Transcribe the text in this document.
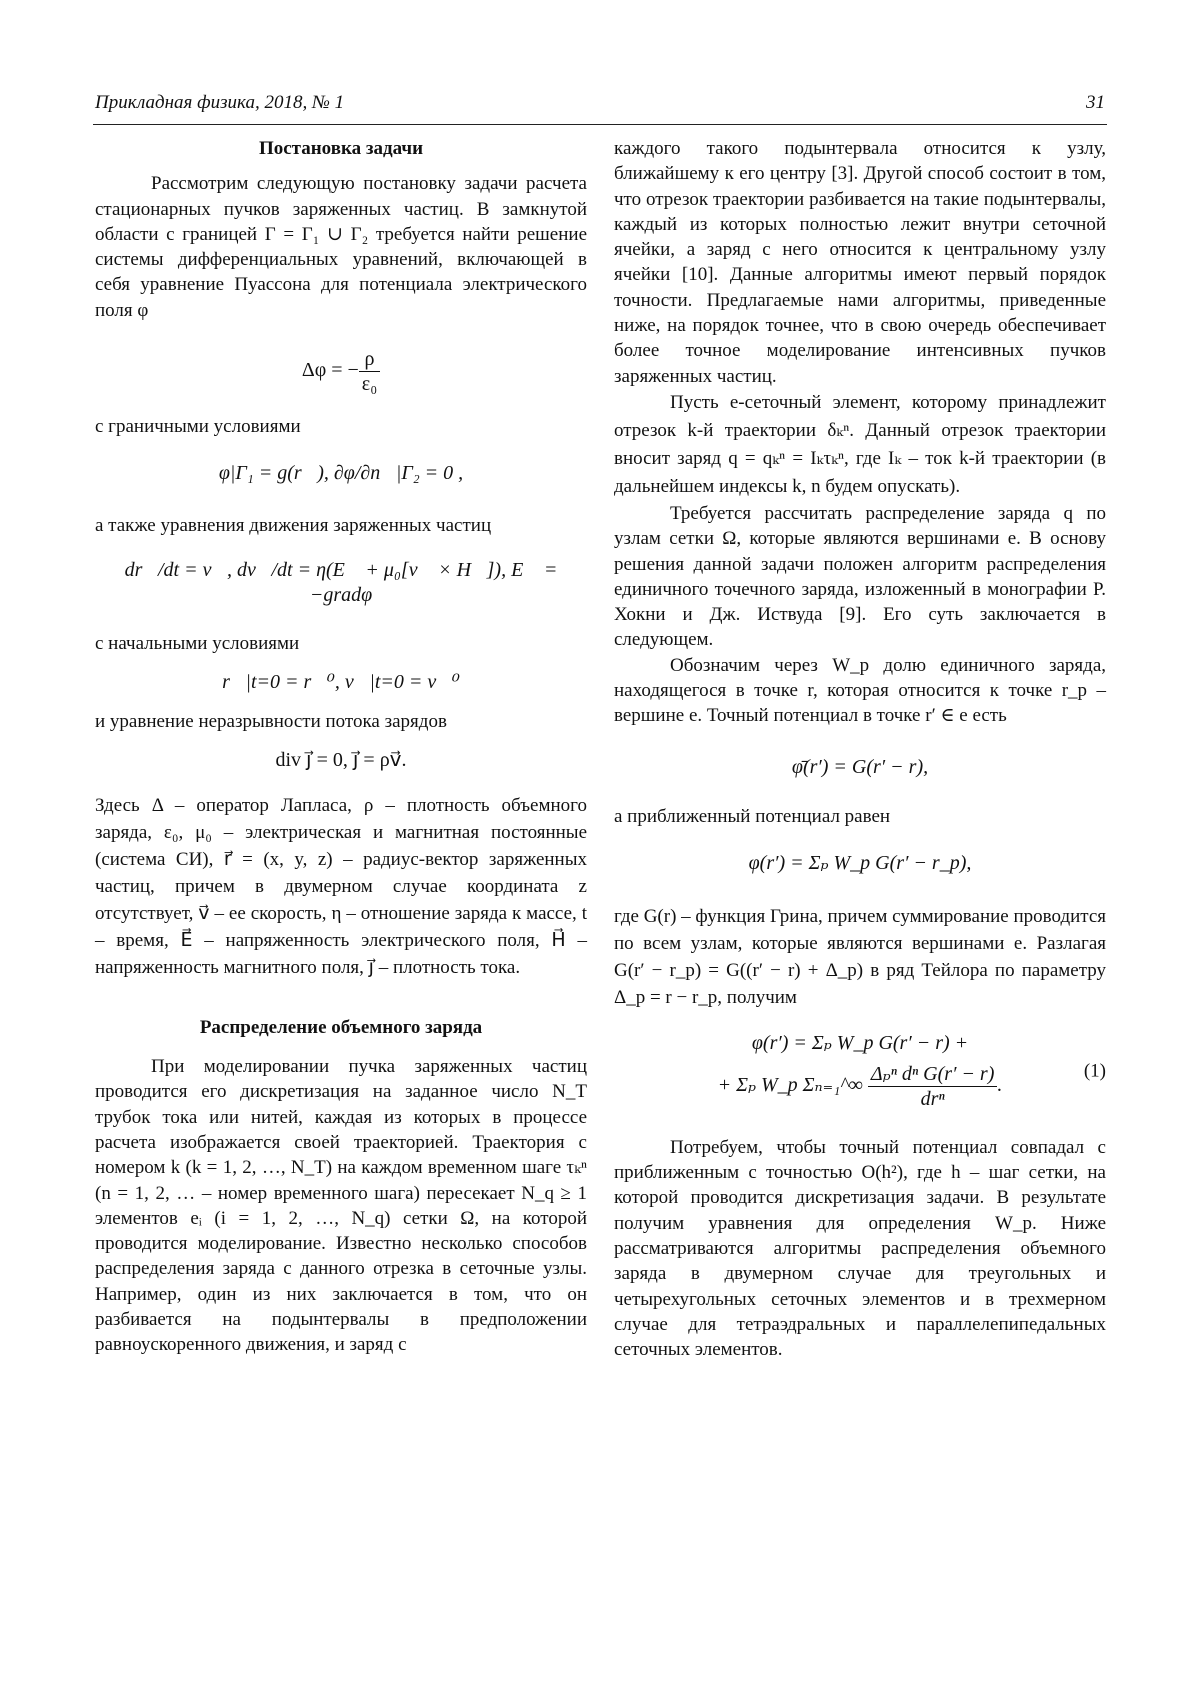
Прикладная физика, 2018, № 1	31

Постановка задачи

Рассмотрим следующую постановку задачи расчета стационарных пучков заряженных частиц. В замкнутой области с границей Γ = Γ₁ ∪ Γ₂ требуется найти решение системы дифференциальных уравнений, включающей в себя уравнение Пуассона для потенциала электрического поля φ

Δφ = −
ρ
ε₀

с граничными условиями

φ|Γ₁ = g(r⃗), ∂φ/∂n⃗|Γ₂ = 0 ,

а также уравнения движения заряженных частиц

dr⃗/dt = v⃗, dv⃗/dt = η(E⃗ + μ₀[v⃗ × H⃗]), E⃗ = −gradφ

с начальными условиями

r⃗|t=0 = r⃗⁰, v⃗|t=0 = v⃗⁰

и уравнение неразрывности потока зарядов

div j⃗ = 0, j⃗ = ρv⃗.

Здесь Δ – оператор Лапласа, ρ – плотность объемного заряда, ε₀, μ₀ – электрическая и магнитная постоянные (система СИ), r⃗ = (x, y, z) – радиус-вектор заряженных частиц, причем в двумерном случае координата z отсутствует, v⃗ – ее скорость, η – отношение заряда к массе, t – время, E⃗ – напряженность электрического поля, H⃗ – напряженность магнитного поля, j⃗ – плотность тока.

Распределение объемного заряда

При моделировании пучка заряженных частиц проводится его дискретизация на заданное число N_T трубок тока или нитей, каждая из которых в процессе расчета изображается своей траекторией. Траектория с номером k (k = 1, 2, …, N_T) на каждом временном шаге τₖⁿ (n = 1, 2, … – номер временного шага) пересекает N_q ≥ 1 элементов eᵢ (i = 1, 2, …, N_q) сетки Ω, на которой проводится моделирование. Известно несколько способов распределения заряда с данного отрезка в сеточные узлы. Например, один из них заключается в том, что он разбивается на подынтервалы в предположении равноускоренного движения, и заряд с

каждого такого подынтервала относится к узлу, ближайшему к его центру [3]. Другой способ состоит в том, что отрезок траектории разбивается на такие подынтервалы, каждый из которых полностью лежит внутри сеточной ячейки, а заряд с него относится к центральному узлу ячейки [10]. Данные алгоритмы имеют первый порядок точности. Предлагаемые нами алгоритмы, приведенные ниже, на порядок точнее, что в свою очередь обеспечивает более точное моделирование интенсивных пучков заряженных частиц.

Пусть e-сеточный элемент, которому принадлежит отрезок k-й траектории δₖⁿ. Данный отрезок траектории вносит заряд q = qₖⁿ = Iₖτₖⁿ, где Iₖ – ток k-й траектории (в дальнейшем индексы k, n будем опускать).

Требуется рассчитать распределение заряда q по узлам сетки Ω, которые являются вершинами e. В основу решения данной задачи положен алгоритм распределения единичного точечного заряда, изложенный в монографии Р. Хокни и Дж. Иствуда [9]. Его суть заключается в следующем.

Обозначим через W_p долю единичного заряда, находящегося в точке r, которая относится к точке r_p – вершине e. Точный потенциал в точке r′ ∈ e есть

φ̄(r′) = G(r′ − r),

а приближенный потенциал равен

φ(r′) = Σₚ W_p G(r′ − r_p),

где G(r) – функция Грина, причем суммирование проводится по всем узлам, которые являются вершинами e. Разлагая G(r′ − r_p) = G((r′ − r) + Δ_p) в ряд Тейлора по параметру Δ_p = r − r_p, получим

φ(r′) = Σₚ W_p G(r′ − r) +
+ Σₚ W_p Σₙ₌₁^∞
Δₚⁿ dⁿ G(r′ − r)
drⁿ
.
(1)

Потребуем, чтобы точный потенциал совпадал с приближенным с точностью O(h²), где h – шаг сетки, на которой проводится дискретизация задачи. В результате получим уравнения для определения W_p. Ниже рассматриваются алгоритмы распределения объемного заряда в двумерном случае для треугольных и четырехугольных сеточных элементов и в трехмерном случае для тетраэдральных и параллелепипедальных сеточных элементов.
